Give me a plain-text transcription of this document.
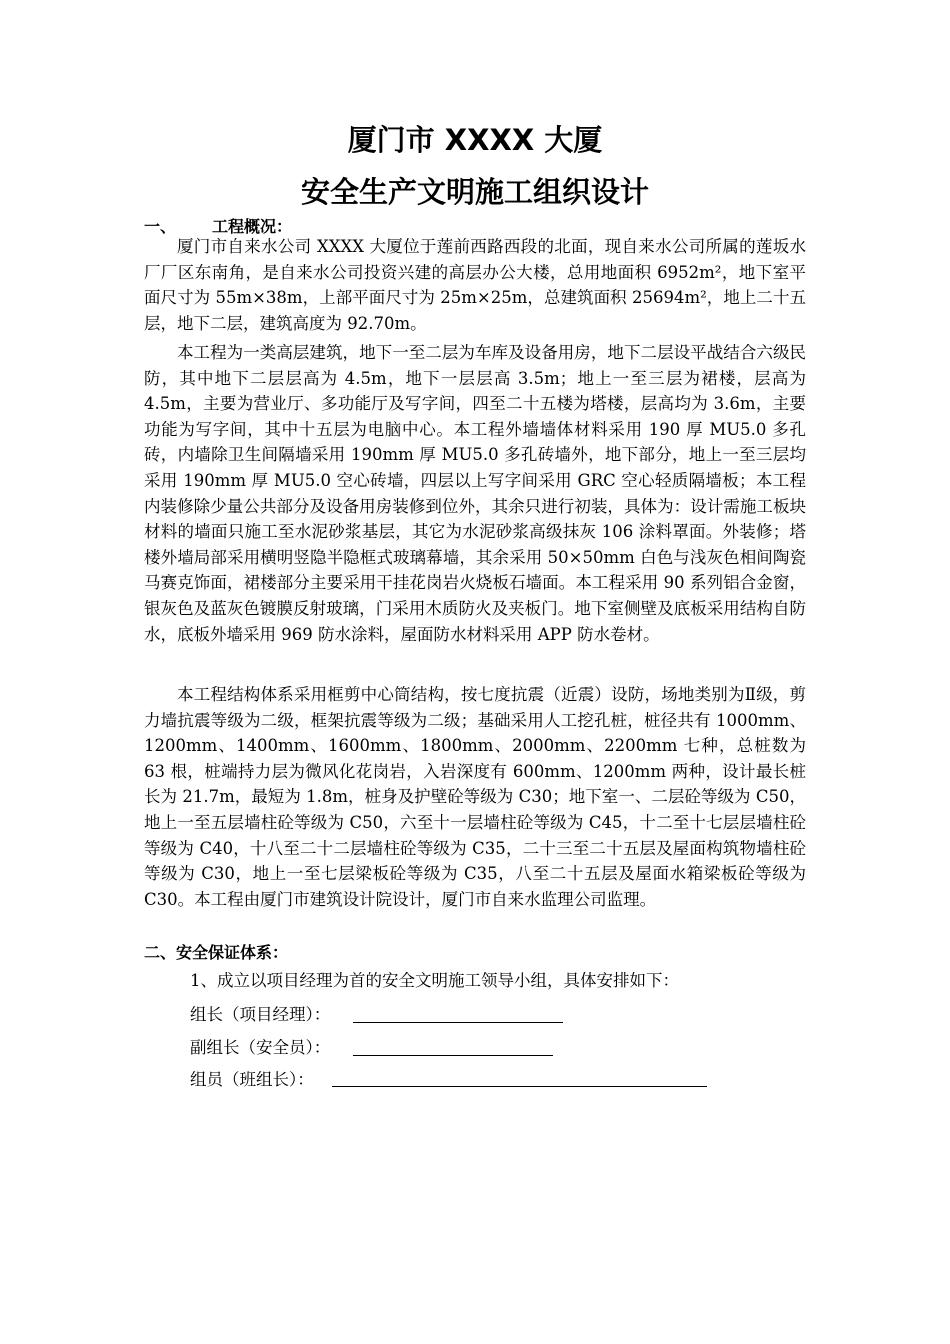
厦门市 XXXX 大厦
安全生产文明施工组织设计
一、 工程概况：

厦门市自来水公司 XXXX 大厦位于莲前西路西段的北面，现自来水公司所属的莲坂水厂厂区东南角，是自来水公司投资兴建的高层办公大楼，总用地面积 6952m²，地下室平面尺寸为 55m×38m，上部平面尺寸为 25m×25m，总建筑面积 25694m²，地上二十五层，地下二层，建筑高度为 92.70m。

本工程为一类高层建筑，地下一至二层为车库及设备用房，地下二层设平战结合六级民防，其中地下二层层高为 4.5m，地下一层层高 3.5m；地上一至三层为裙楼，层高为 4.5m，主要为营业厅、多功能厅及写字间，四至二十五楼为塔楼，层高均为 3.6m，主要功能为写字间，其中十五层为电脑中心。本工程外墙墙体材料采用 190 厚 MU5.0 多孔砖，内墙除卫生间隔墙采用 190mm 厚 MU5.0 多孔砖墙外，地下部分，地上一至三层均采用 190mm 厚 MU5.0 空心砖墙，四层以上写字间采用 GRC 空心轻质隔墙板；本工程内装修除少量公共部分及设备用房装修到位外，其余只进行初装，具体为：设计需施工板块材料的墙面只施工至水泥砂浆基层，其它为水泥砂浆高级抹灰 106 涂料罩面。外装修；塔楼外墙局部采用横明竖隐半隐框式玻璃幕墙，其余采用 50×50mm 白色与浅灰色相间陶瓷马赛克饰面，裙楼部分主要采用干挂花岗岩火烧板石墙面。本工程采用 90 系列铝合金窗，银灰色及蓝灰色镀膜反射玻璃，门采用木质防火及夹板门。地下室侧壁及底板采用结构自防水，底板外墙采用 969 防水涂料，屋面防水材料采用 APP 防水卷材。

本工程结构体系采用框剪中心筒结构，按七度抗震（近震）设防，场地类别为Ⅱ级，剪力墙抗震等级为二级，框架抗震等级为二级；基础采用人工挖孔桩，桩径共有 1000mm、1200mm、1400mm、1600mm、1800mm、2000mm、2200mm 七种，总桩数为 63 根，桩端持力层为微风化花岗岩，入岩深度有 600mm、1200mm 两种，设计最长桩长为 21.7m，最短为 1.8m，桩身及护壁砼等级为 C30；地下室一、二层砼等级为 C50，地上一至五层墙柱砼等级为 C50，六至十一层墙柱砼等级为 C45，十二至十七层层墙柱砼等级为 C40，十八至二十二层墙柱砼等级为 C35，二十三至二十五层及屋面构筑物墙柱砼等级为 C30，地上一至七层梁板砼等级为 C35，八至二十五层及屋面水箱梁板砼等级为 C30。本工程由厦门市建筑设计院设计，厦门市自来水监理公司监理。

二、安全保证体系：

1、成立以项目经理为首的安全文明施工领导小组，具体安排如下：

组长（项目经理）：

副组长（安全员）：

组员（班组长）：
